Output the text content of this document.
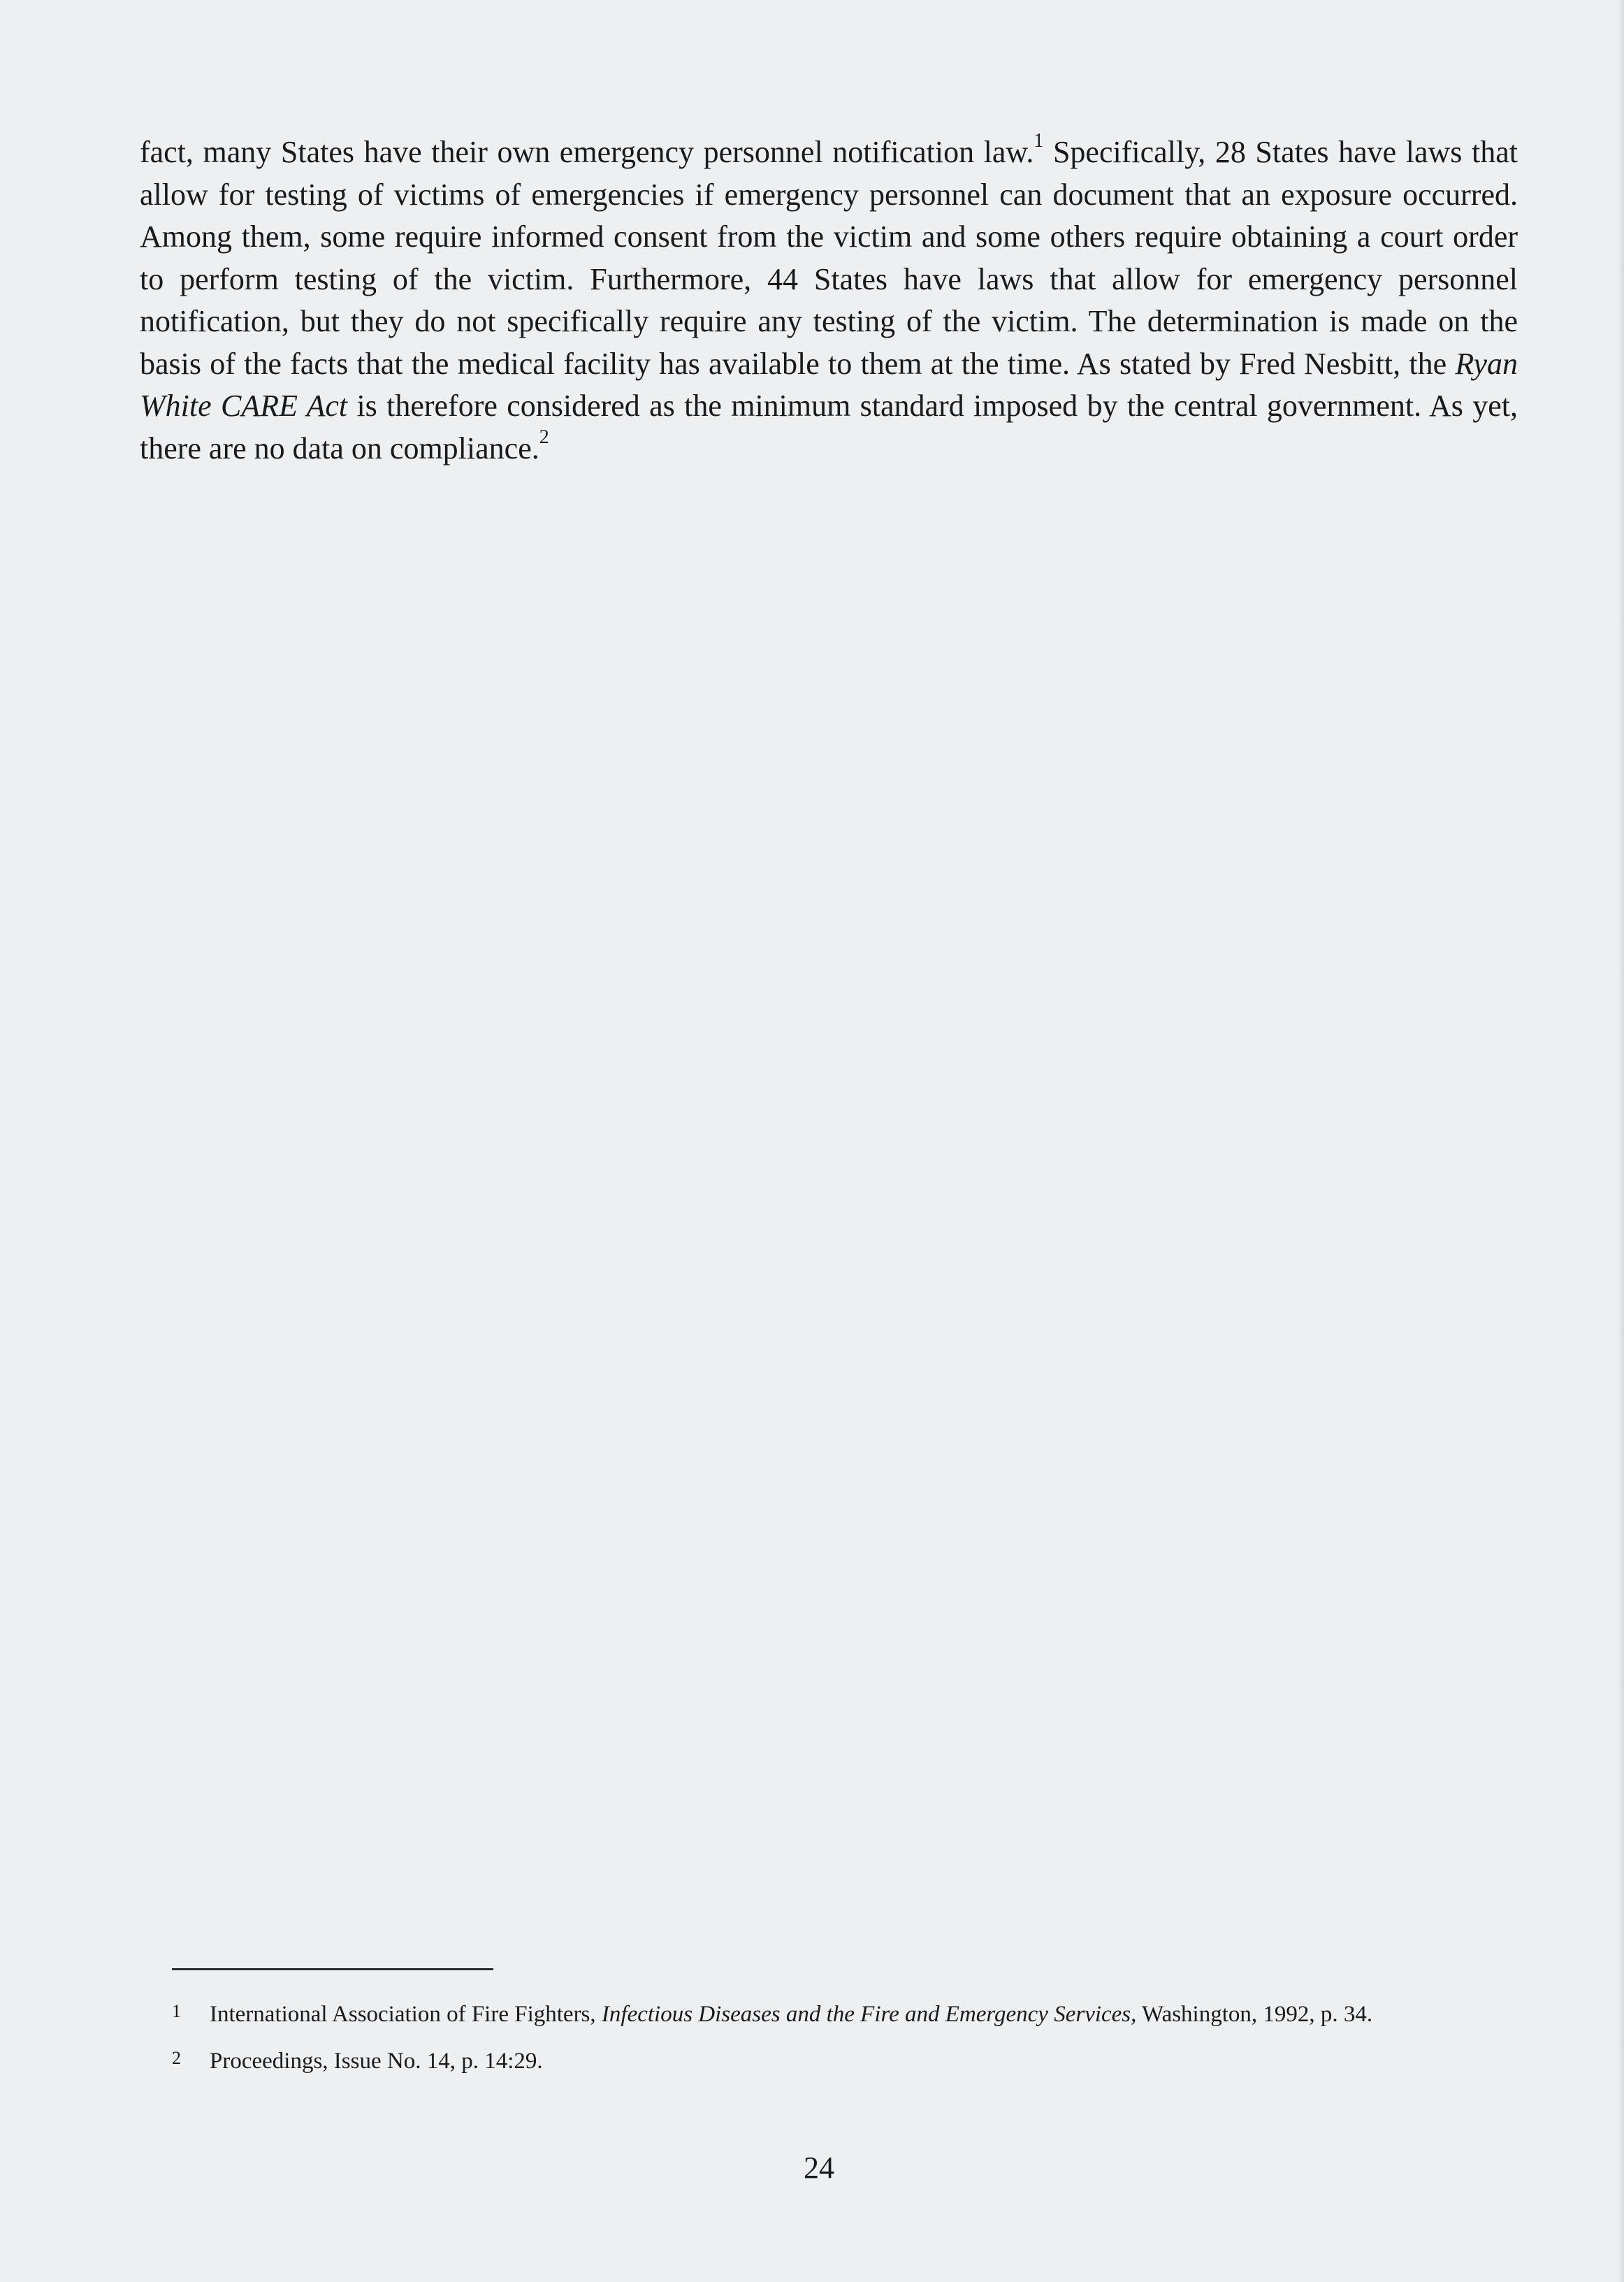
fact, many States have their own emergency personnel notification law.$^1$ Specifically, 28 States have laws that allow for testing of victims of emergencies if emergency personnel can document that an exposure occurred. Among them, some require informed consent from the victim and some others require obtaining a court order to perform testing of the victim. Furthermore, 44 States have laws that allow for emergency personnel notification, but they do not specifically require any testing of the victim. The determination is made on the basis of the facts that the medical facility has available to them at the time. As stated by Fred Nesbitt, the Ryan White CARE Act is therefore considered as the minimum standard imposed by the central government. As yet, there are no data on compliance.$^2$

1 International Association of Fire Fighters, Infectious Diseases and the Fire and Emergency Services, Washington, 1992, p. 34.
2 Proceedings, Issue No. 14, p. 14:29.
24
